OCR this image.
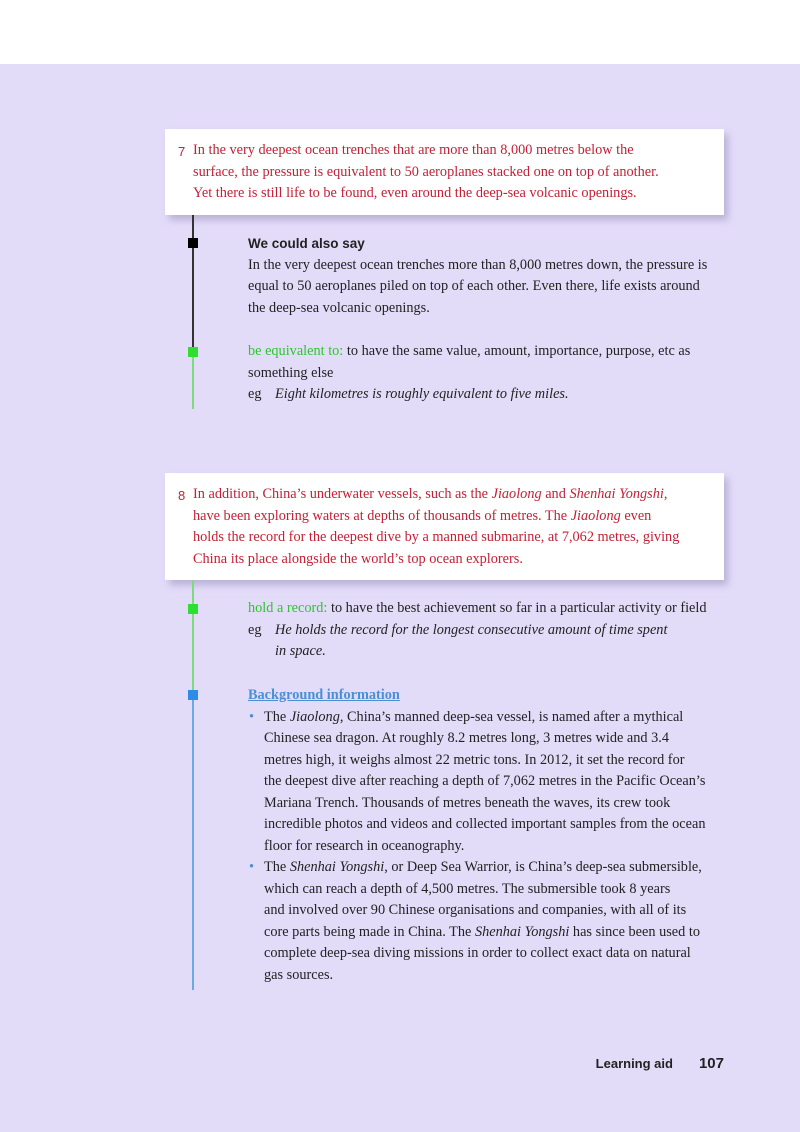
7 In the very deepest ocean trenches that are more than 8,000 metres below the
surface, the pressure is equivalent to 50 aeroplanes stacked one on top of another.
Yet there is still life to be found, even around the deep-sea volcanic openings.
We could also say
In the very deepest ocean trenches more than 8,000 metres down, the pressure is
equal to 50 aeroplanes piled on top of each other. Even there, life exists around
the deep-sea volcanic openings.
be equivalent to: to have the same value, amount, importance, purpose, etc as
something else
eg Eight kilometres is roughly equivalent to five miles.
8 In addition, China’s underwater vessels, such as the Jiaolong and Shenhai Yongshi,
have been exploring waters at depths of thousands of metres. The Jiaolong even
holds the record for the deepest dive by a manned submarine, at 7,062 metres, giving
China its place alongside the world’s top ocean explorers.
hold a record: to have the best achievement so far in a particular activity or field
eg He holds the record for the longest consecutive amount of time spent
in space.
Background information
• The Jiaolong, China’s manned deep-sea vessel, is named after a mythical
Chinese sea dragon. At roughly 8.2 metres long, 3 metres wide and 3.4
metres high, it weighs almost 22 metric tons. In 2012, it set the record for
the deepest dive after reaching a depth of 7,062 metres in the Pacific Ocean’s
Mariana Trench. Thousands of metres beneath the waves, its crew took
incredible photos and videos and collected important samples from the ocean
floor for research in oceanography.
• The Shenhai Yongshi, or Deep Sea Warrior, is China’s deep-sea submersible,
which can reach a depth of 4,500 metres. The submersible took 8 years
and involved over 90 Chinese organisations and companies, with all of its
core parts being made in China. The Shenhai Yongshi has since been used to
complete deep-sea diving missions in order to collect exact data on natural
gas sources.
Learning aid 107
